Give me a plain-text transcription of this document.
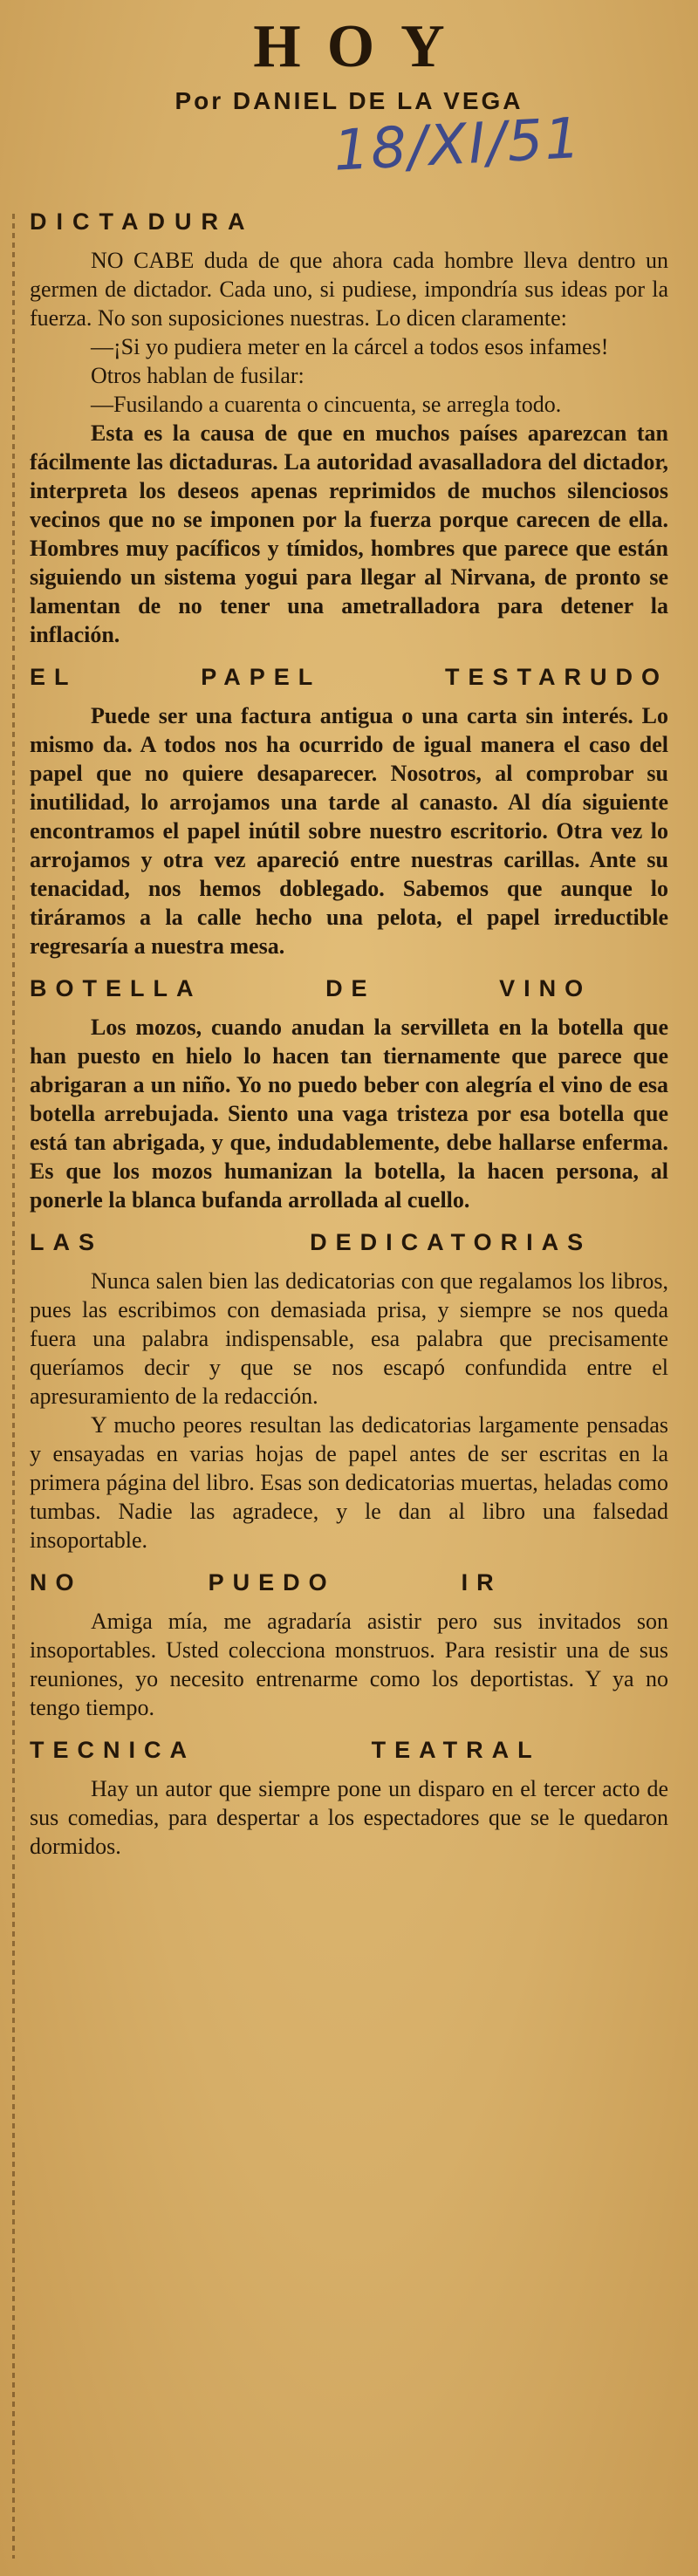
HOY
Por DANIEL DE LA VEGA
18/XI/51
DICTADURA

NO CABE duda de que ahora cada hombre lleva dentro un germen de dictador. Cada uno, si pudiese, impondría sus ideas por la fuerza. No son suposiciones nuestras. Lo dicen claramente:

—¡Si yo pudiera meter en la cárcel a todos esos infames!

Otros hablan de fusilar:

—Fusilando a cuarenta o cincuenta, se arregla todo.

Esta es la causa de que en muchos países aparezcan tan fácilmente las dictaduras. La autoridad avasalladora del dictador, interpreta los deseos apenas reprimidos de muchos silenciosos vecinos que no se imponen por la fuerza porque carecen de ella. Hombres muy pacíficos y tímidos, hombres que parece que están siguiendo un sistema yogui para llegar al Nirvana, de pronto se lamentan de no tener una ametralladora para detener la inflación.

EL	PAPEL	TESTARUDO

Puede ser una factura antigua o una carta sin interés. Lo mismo da. A todos nos ha ocurrido de igual manera el caso del papel que no quiere desaparecer. Nosotros, al comprobar su inutilidad, lo arrojamos una tarde al canasto. Al día siguiente encontramos el papel inútil sobre nuestro escritorio. Otra vez lo arrojamos y otra vez apareció entre nuestras carillas. Ante su tenacidad, nos hemos doblegado. Sabemos que aunque lo tiráramos a la calle hecho una pelota, el papel irreductible regresaría a nuestra mesa.

BOTELLA	DE	VINO

Los mozos, cuando anudan la servilleta en la botella que han puesto en hielo lo hacen tan tiernamente que parece que abrigaran a un niño. Yo no puedo beber con alegría el vino de esa botella arrebujada. Siento una vaga tristeza por esa botella que está tan abrigada, y que, indudablemente, debe hallarse enferma. Es que los mozos humanizan la botella, la hacen persona, al ponerle la blanca bufanda arrollada al cuello.

LAS	DEDICATORIAS

Nunca salen bien las dedicatorias con que regalamos los libros, pues las escribimos con demasiada prisa, y siempre se nos queda fuera una palabra indispensable, esa palabra que precisamente queríamos decir y que se nos escapó confundida entre el apresuramiento de la redacción.

Y mucho peores resultan las dedicatorias largamente pensadas y ensayadas en varias hojas de papel antes de ser escritas en la primera página del libro. Esas son dedicatorias muertas, heladas como tumbas. Nadie las agradece, y le dan al libro una falsedad insoportable.

NO	PUEDO	IR

Amiga mía, me agradaría asistir pero sus invitados son insoportables. Usted colecciona monstruos. Para resistir una de sus reuniones, yo necesito entrenarme como los deportistas. Y ya no tengo tiempo.

TECNICA	TEATRAL

Hay un autor que siempre pone un disparo en el tercer acto de sus comedias, para despertar a los espectadores que se le quedaron dormidos.
